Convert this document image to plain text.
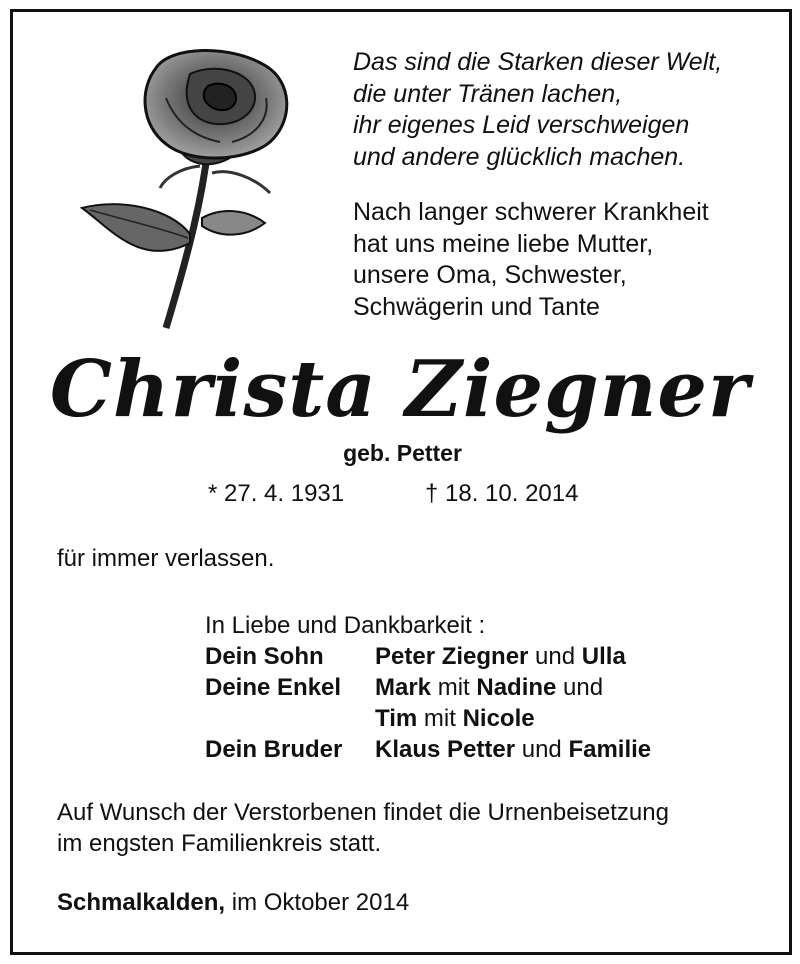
Das sind die Starken dieser Welt,
die unter Tränen lachen,
ihr eigenes Leid verschweigen
und andere glücklich machen.
Nach langer schwerer Krankheit
hat uns meine liebe Mutter,
unsere Oma, Schwester,
Schwägerin und Tante
Christa Ziegner
geb. Petter
* 27. 4. 1931	† 18. 10. 2014
für immer verlassen.
In Liebe und Dankbarkeit :
Dein Sohn	Peter Ziegner und Ulla
Deine Enkel	Mark mit Nadine und
Tim mit Nicole
Dein Bruder	Klaus Petter und Familie
Auf Wunsch der Verstorbenen findet die Urnenbeisetzung
im engsten Familienkreis statt.
Schmalkalden, im Oktober 2014
